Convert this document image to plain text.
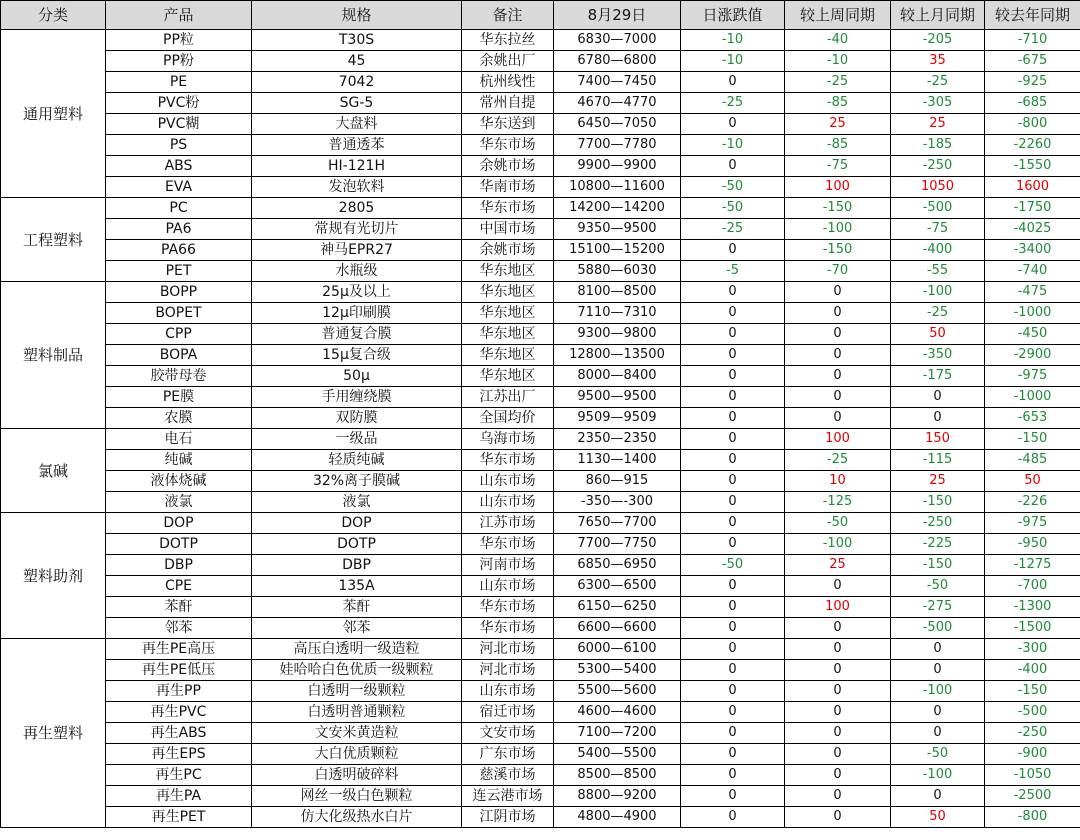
分类	产品	规格	备注	8月29日	日涨跌值	较上周同期	较上月同期	较去年同期
通用塑料	PP粒	T30S	华东拉丝	6830—7000	-10	-40	-205	-710
	PP粉	45	余姚出厂	6780—6800	-10	-10	35	-675
	PE	7042	杭州线性	7400—7450	0	-25	-25	-925
	PVC粉	SG-5	常州自提	4670—4770	-25	-85	-305	-685
	PVC糊	大盘料	华东送到	6450—7050	0	25	25	-800
	PS	普通透苯	华东市场	7700—7780	-10	-85	-185	-2260
	ABS	HI-121H	余姚市场	9900—9900	0	-75	-250	-1550
	EVA	发泡软料	华南市场	10800—11600	-50	100	1050	1600
工程塑料	PC	2805	华东市场	14200—14200	-50	-150	-500	-1750
	PA6	常规有光切片	中国市场	9350—9500	-25	-100	-75	-4025
	PA66	神马EPR27	余姚市场	15100—15200	0	-150	-400	-3400
	PET	水瓶级	华东地区	5880—6030	-5	-70	-55	-740
塑料制品	BOPP	25μ及以上	华东地区	8100—8500	0	0	-100	-475
	BOPET	12μ印刷膜	华东地区	7110—7310	0	0	-25	-1000
	CPP	普通复合膜	华东地区	9300—9800	0	0	50	-450
	BOPA	15μ复合级	华东地区	12800—13500	0	0	-350	-2900
	胶带母卷	50μ	华东地区	8000—8400	0	0	-175	-975
	PE膜	手用缠绕膜	江苏出厂	9500—9500	0	0	0	-1000
	农膜	双防膜	全国均价	9509—9509	0	0	0	-653
氯碱	电石	一级品	乌海市场	2350—2350	0	100	150	-150
	纯碱	轻质纯碱	华东市场	1130—1400	0	-25	-115	-485
	液体烧碱	32%离子膜碱	山东市场	860—915	0	10	25	50
	液氯	液氯	山东市场	-350—-300	0	-125	-150	-226
塑料助剂	DOP	DOP	江苏市场	7650—7700	0	-50	-250	-975
	DOTP	DOTP	华东市场	7700—7750	0	-100	-225	-950
	DBP	DBP	河南市场	6850—6950	-50	25	-150	-1275
	CPE	135A	山东市场	6300—6500	0	0	-50	-700
	苯酐	苯酐	华东市场	6150—6250	0	100	-275	-1300
	邻苯	邻苯	华东市场	6600—6600	0	0	-500	-1500
再生塑料	再生PE高压	高压白透明一级造粒	河北市场	6000—6100	0	0	0	-300
	再生PE低压	娃哈哈白色优质一级颗粒	河北市场	5300—5400	0	0	0	-400
	再生PP	白透明一级颗粒	山东市场	5500—5600	0	0	-100	-150
	再生PVC	白透明普通颗粒	宿迁市场	4600—4600	0	0	0	-500
	再生ABS	文安米黄造粒	文安市场	7100—7200	0	0	0	-250
	再生EPS	大白优质颗粒	广东市场	5400—5500	0	0	-50	-900
	再生PC	白透明破碎料	慈溪市场	8500—8500	0	0	-100	-1050
	再生PA	网丝一级白色颗粒	连云港市场	8800—9200	0	0	0	-2500
	再生PET	仿大化级热水白片	江阴市场	4800—4900	0	0	50	-800
